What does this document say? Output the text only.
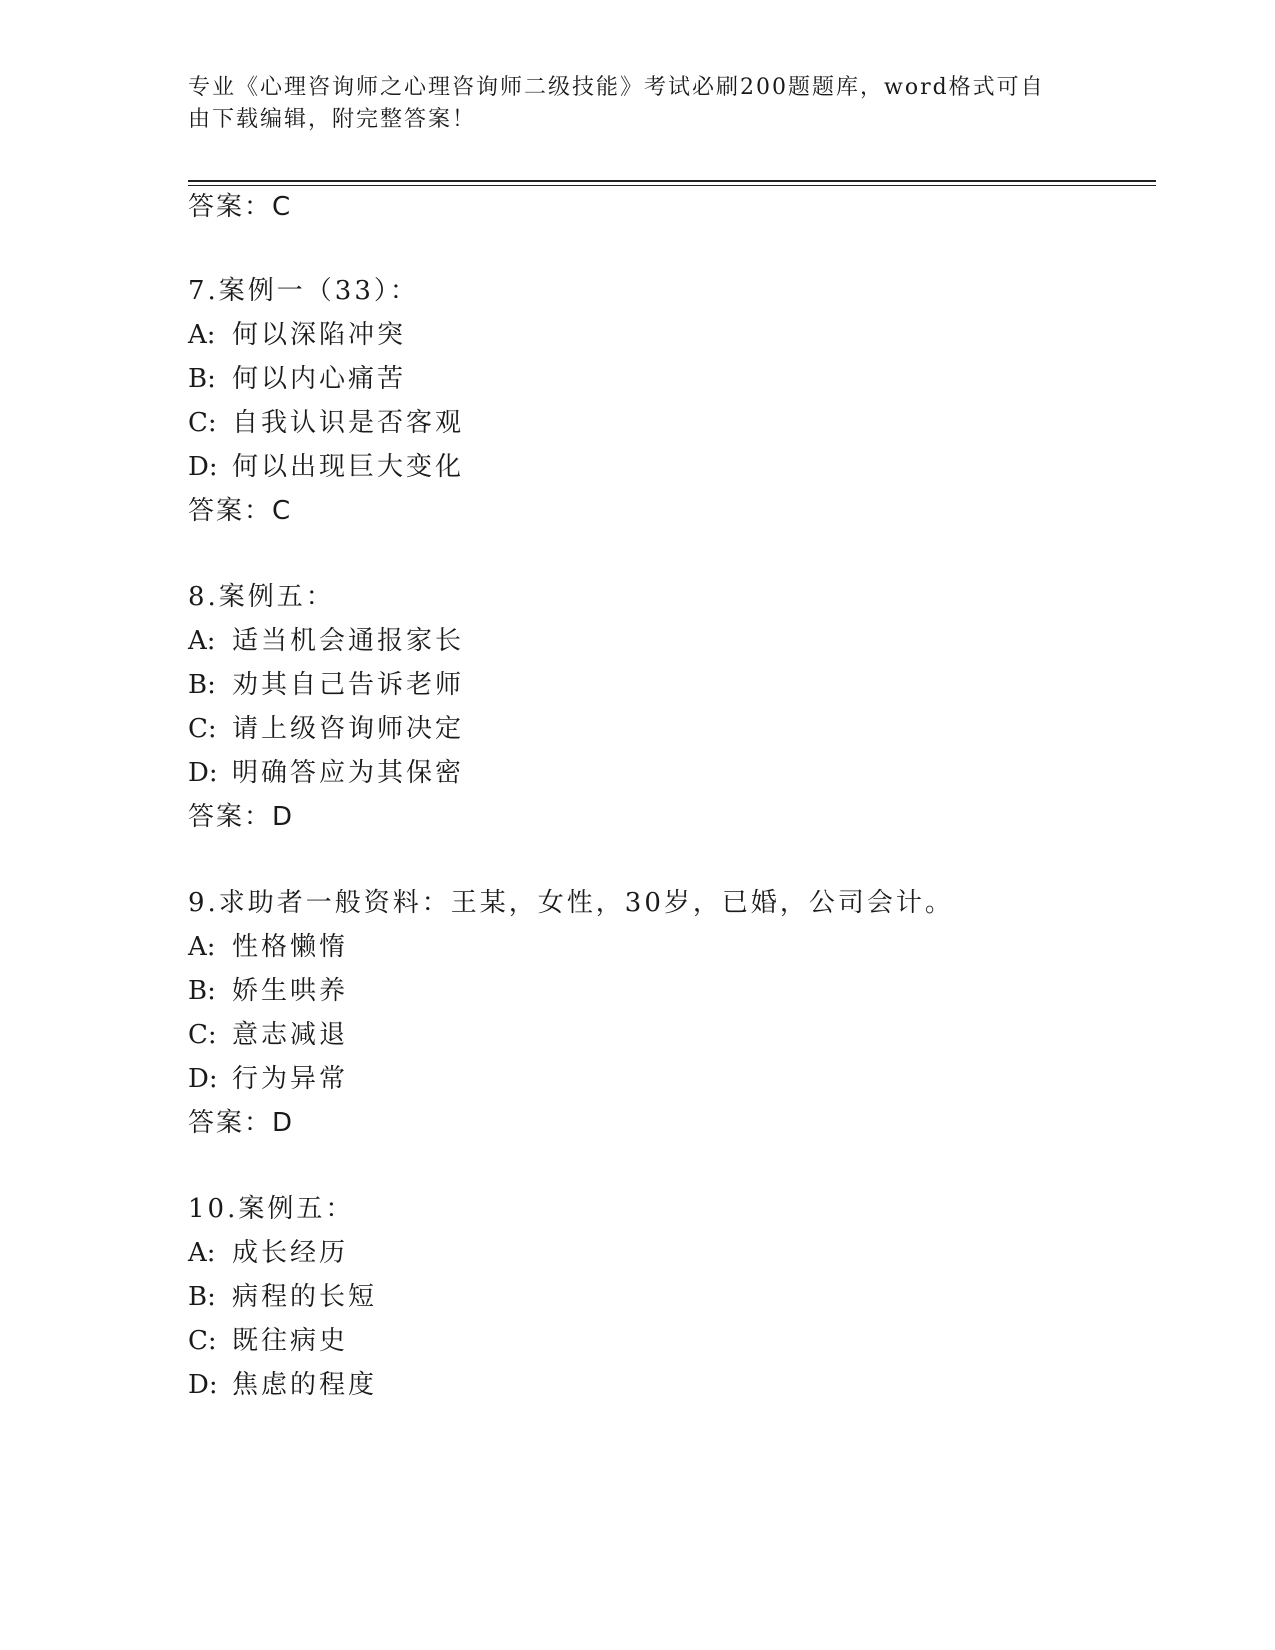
专业《心理咨询师之心理咨询师二级技能》考试必刷200题题库，word格式可自
由下载编辑，附完整答案！
答案：C
7.案例一（33）：
A: 何以深陷冲突
B: 何以内心痛苦
C: 自我认识是否客观
D: 何以出现巨大变化
答案：C
8.案例五：
A: 适当机会通报家长
B: 劝其自己告诉老师
C: 请上级咨询师决定
D: 明确答应为其保密
答案：D
9.求助者一般资料：王某，女性，30岁，已婚，公司会计。
A: 性格懒惰
B: 娇生哄养
C: 意志减退
D: 行为异常
答案：D
10.案例五：
A: 成长经历
B: 病程的长短
C: 既往病史
D: 焦虑的程度
